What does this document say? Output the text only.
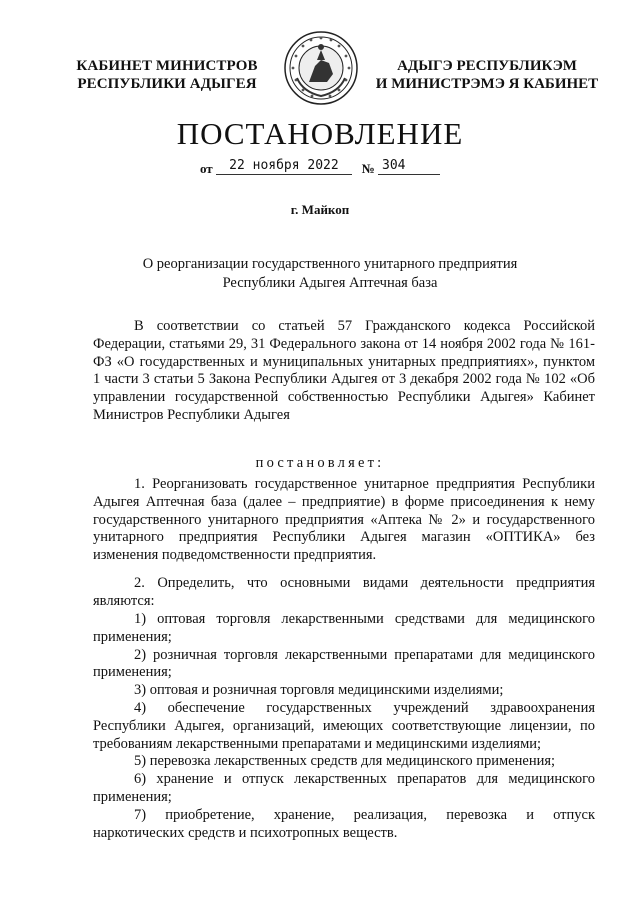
КАБИНЕТ МИНИСТРОВ
РЕСПУБЛИКИ АДЫГЕЯ
АДЫГЭ РЕСПУБЛИКЭМ
И МИНИСТРЭМЭ Я КАБИНЕТ
ПОСТАНОВЛЕНИЕ
от 22 ноября 2022 № 304
г. Майкоп
О реорганизации государственного унитарного предприятия
Республики Адыгея Аптечная база
В соответствии со статьей 57 Гражданского кодекса Российской Федерации, статьями 29, 31 Федерального закона от 14 ноября 2002 года № 161-ФЗ «О государственных и муниципальных унитарных предприятиях», пунктом 1 части 3 статьи 5 Закона Республики Адыгея от 3 декабря 2002 года № 102 «Об управлении государственной собственностью Республики Адыгея» Кабинет Министров Республики Адыгея
постановляет:
1. Реорганизовать государственное унитарное предприятия Республики Адыгея Аптечная база (далее – предприятие) в форме присоединения к нему государственного унитарного предприятия «Аптека № 2» и государственного унитарного предприятия Республики Адыгея магазин «ОПТИКА» без изменения подведомственности предприятия.
2. Определить, что основными видами деятельности предприятия являются:
1) оптовая торговля лекарственными средствами для медицинского применения;
2) розничная торговля лекарственными препаратами для медицинского применения;
3) оптовая и розничная торговля медицинскими изделиями;
4) обеспечение государственных учреждений здравоохранения Республики Адыгея, организаций, имеющих соответствующие лицензии, по требованиям лекарственными препаратами и медицинскими изделиями;
5) перевозка лекарственных средств для медицинского применения;
6) хранение и отпуск лекарственных препаратов для медицинского применения;
7) приобретение, хранение, реализация, перевозка и отпуск наркотических средств и психотропных веществ.
